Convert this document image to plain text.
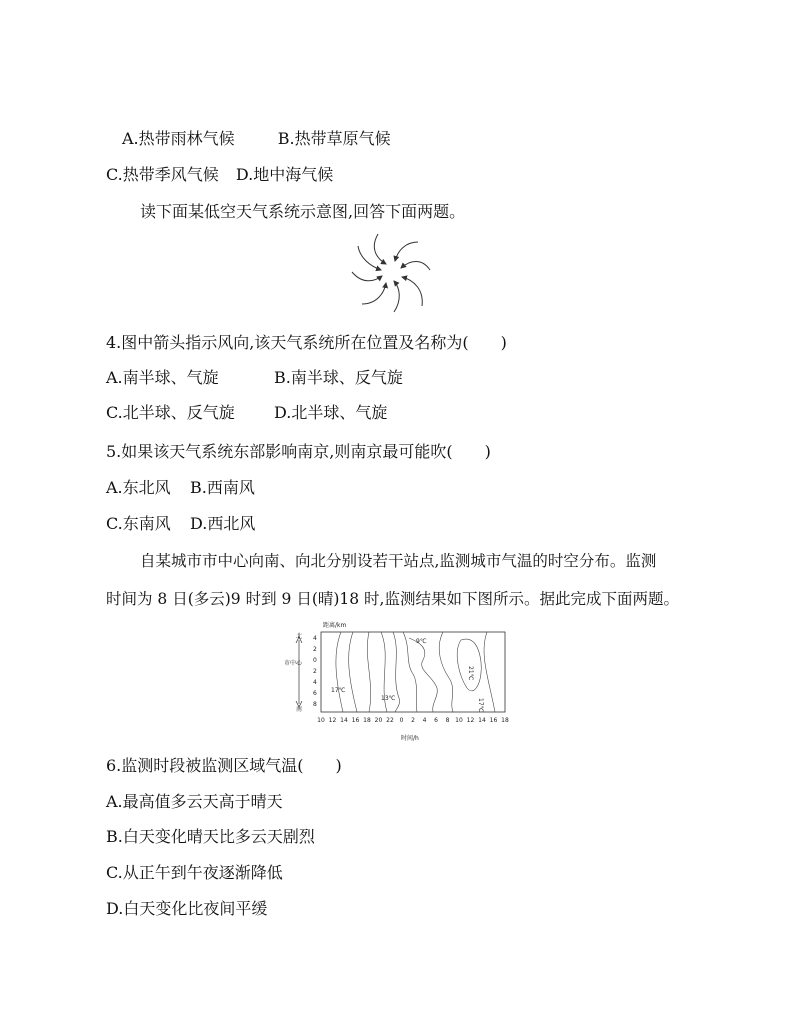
A.热带雨林气候	B.热带草原气候
C.热带季风气候 D.地中海气候
读下面某低空天气系统示意图,回答下面两题。
4.图中箭头指示风向,该天气系统所在位置及名称为(　　)
A.南半球、气旋	B.南半球、反气旋
C.北半球、反气旋 D.北半球、气旋
5.如果该天气系统东部影响南京,则南京最可能吹(　　)
A.东北风 B.西南风
C.东南风 D.西北风
自某城市市中心向南、向北分别设若干站点,监测城市气温的时空分布。监测
时间为 8 日(多云)9 时到 9 日(晴)18 时,监测结果如下图所示。据此完成下面两题。
距离/km
北
市中心
南
4
2
0
2
4
6
8
9℃
21℃
17℃
13℃	17℃
10 12 14 16 18 20 22 0 2 4 6 8 10 12 14 16 18
时间/h
6.监测时段被监测区域气温(　　)
A.最高值多云天高于晴天
B.白天变化晴天比多云天剧烈
C.从正午到午夜逐渐降低
D.白天变化比夜间平缓
